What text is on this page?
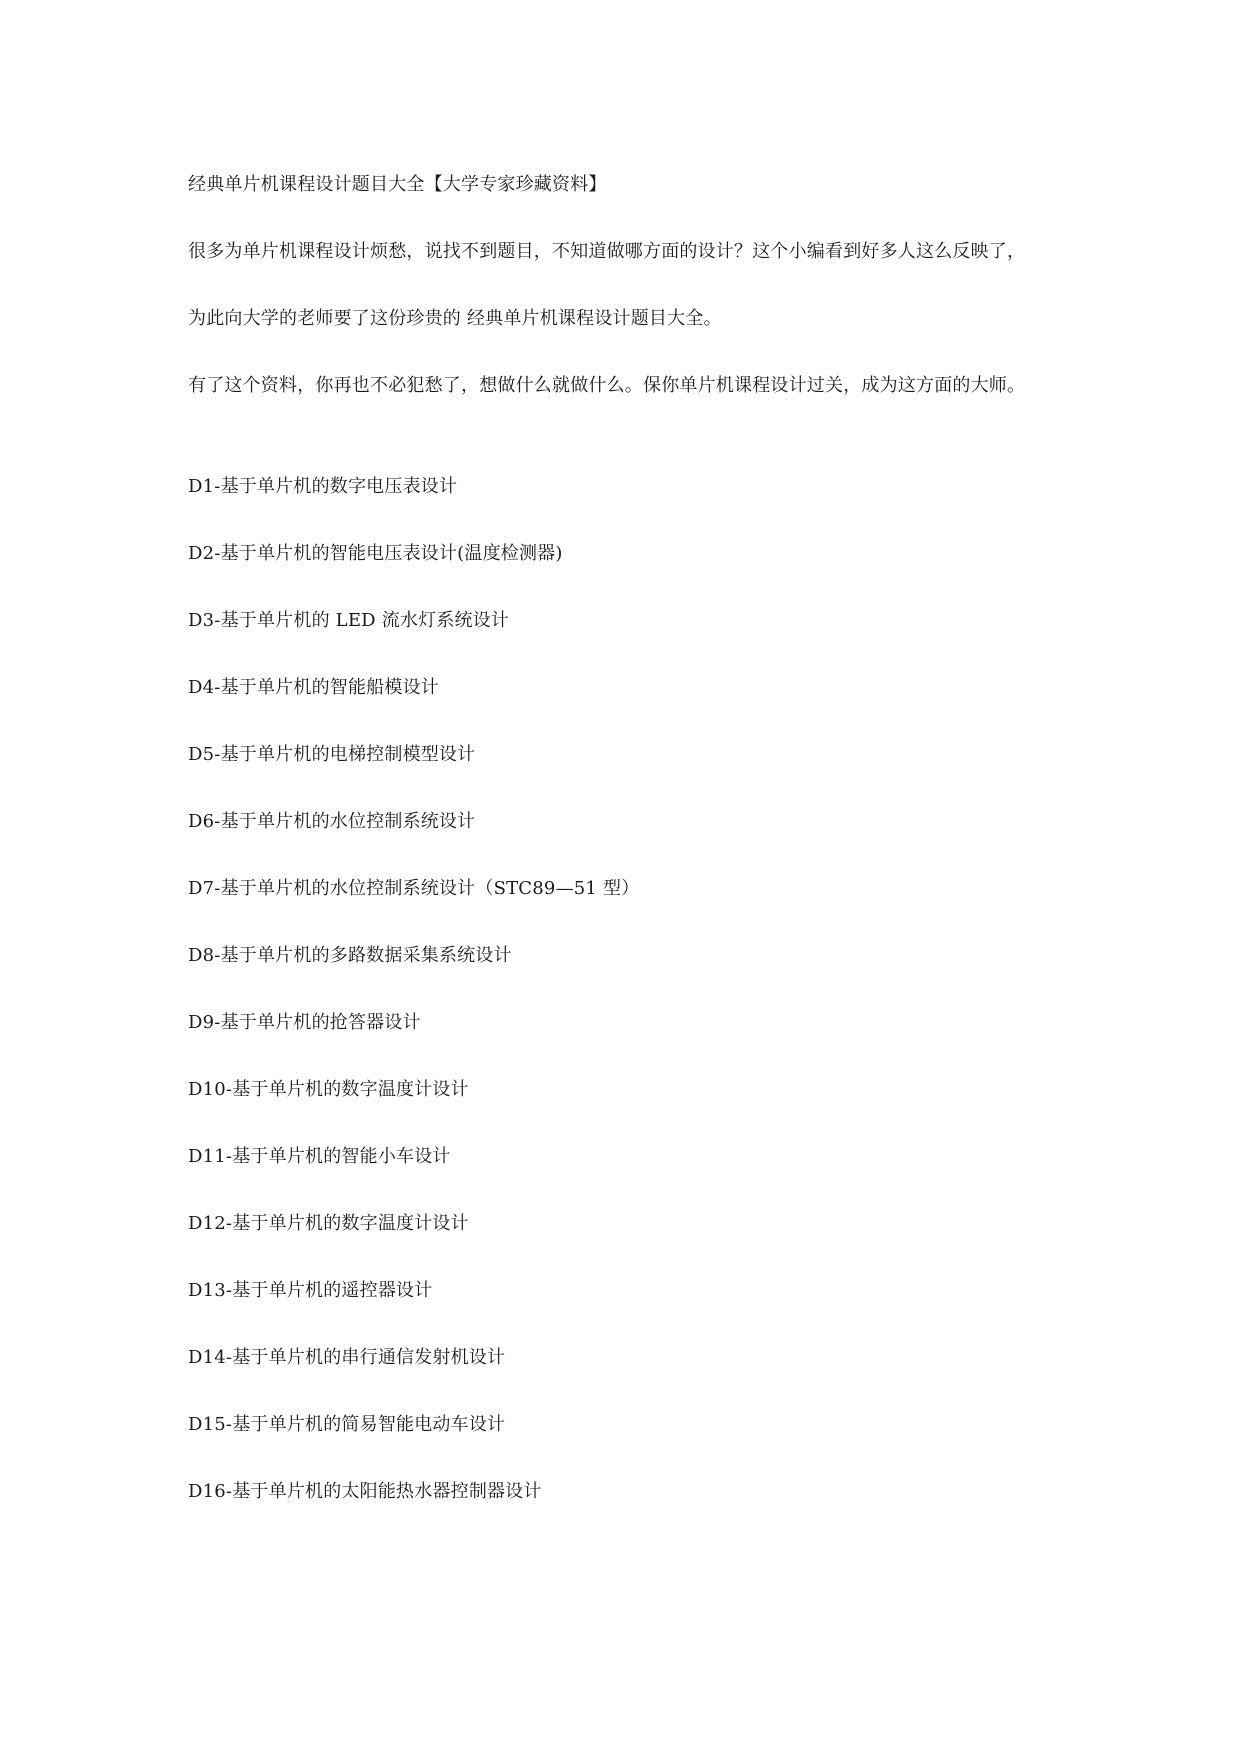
经典单片机课程设计题目大全【大学专家珍藏资料】
很多为单片机课程设计烦愁，说找不到题目，不知道做哪方面的设计？这个小编看到好多人这么反映了，
为此向大学的老师要了这份珍贵的 经典单片机课程设计题目大全。
有了这个资料，你再也不必犯愁了，想做什么就做什么。保你单片机课程设计过关，成为这方面的大师。
D1-基于单片机的数字电压表设计
D2-基于单片机的智能电压表设计(温度检测器)
D3-基于单片机的 LED 流水灯系统设计
D4-基于单片机的智能船模设计
D5-基于单片机的电梯控制模型设计
D6-基于单片机的水位控制系统设计
D7-基于单片机的水位控制系统设计（STC89—51 型）
D8-基于单片机的多路数据采集系统设计
D9-基于单片机的抢答器设计
D10-基于单片机的数字温度计设计
D11-基于单片机的智能小车设计
D12-基于单片机的数字温度计设计
D13-基于单片机的遥控器设计
D14-基于单片机的串行通信发射机设计
D15-基于单片机的简易智能电动车设计
D16-基于单片机的太阳能热水器控制器设计
